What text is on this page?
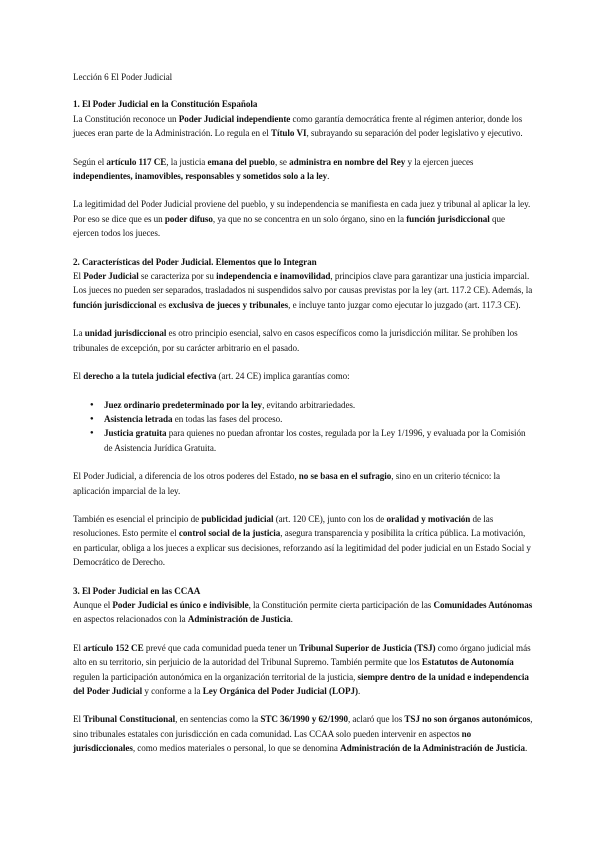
Lección 6 El Poder Judicial

1. El Poder Judicial en la Constitución Española

La Constitución reconoce un Poder Judicial independiente como garantía democrática frente al régimen anterior, donde los jueces eran parte de la Administración. Lo regula en el Título VI, subrayando su separación del poder legislativo y ejecutivo.

Según el artículo 117 CE, la justicia emana del pueblo, se administra en nombre del Rey y la ejercen jueces independientes, inamovibles, responsables y sometidos solo a la ley.

La legitimidad del Poder Judicial proviene del pueblo, y su independencia se manifiesta en cada juez y tribunal al aplicar la ley. Por eso se dice que es un poder difuso, ya que no se concentra en un solo órgano, sino en la función jurisdiccional que ejercen todos los jueces.

2. Características del Poder Judicial. Elementos que lo Integran

El Poder Judicial se caracteriza por su independencia e inamovilidad, principios clave para garantizar una justicia imparcial. Los jueces no pueden ser separados, trasladados ni suspendidos salvo por causas previstas por la ley (art. 117.2 CE). Además, la función jurisdiccional es exclusiva de jueces y tribunales, e incluye tanto juzgar como ejecutar lo juzgado (art. 117.3 CE).

La unidad jurisdiccional es otro principio esencial, salvo en casos específicos como la jurisdicción militar. Se prohíben los tribunales de excepción, por su carácter arbitrario en el pasado.

El derecho a la tutela judicial efectiva (art. 24 CE) implica garantías como:

● Juez ordinario predeterminado por la ley, evitando arbitrariedades.
● Asistencia letrada en todas las fases del proceso.
● Justicia gratuita para quienes no puedan afrontar los costes, regulada por la Ley 1/1996, y evaluada por la Comisión de Asistencia Jurídica Gratuita.

El Poder Judicial, a diferencia de los otros poderes del Estado, no se basa en el sufragio, sino en un criterio técnico: la aplicación imparcial de la ley.

También es esencial el principio de publicidad judicial (art. 120 CE), junto con los de oralidad y motivación de las resoluciones. Esto permite el control social de la justicia, asegura transparencia y posibilita la crítica pública. La motivación, en particular, obliga a los jueces a explicar sus decisiones, reforzando así la legitimidad del poder judicial en un Estado Social y Democrático de Derecho.

3. El Poder Judicial en las CCAA

Aunque el Poder Judicial es único e indivisible, la Constitución permite cierta participación de las Comunidades Autónomas en aspectos relacionados con la Administración de Justicia.

El artículo 152 CE prevé que cada comunidad pueda tener un Tribunal Superior de Justicia (TSJ) como órgano judicial más alto en su territorio, sin perjuicio de la autoridad del Tribunal Supremo. También permite que los Estatutos de Autonomía regulen la participación autonómica en la organización territorial de la justicia, siempre dentro de la unidad e independencia del Poder Judicial y conforme a la Ley Orgánica del Poder Judicial (LOPJ).

El Tribunal Constitucional, en sentencias como la STC 36/1990 y 62/1990, aclaró que los TSJ no son órganos autonómicos, sino tribunales estatales con jurisdicción en cada comunidad. Las CCAA solo pueden intervenir en aspectos no jurisdiccionales, como medios materiales o personal, lo que se denomina Administración de la Administración de Justicia.
